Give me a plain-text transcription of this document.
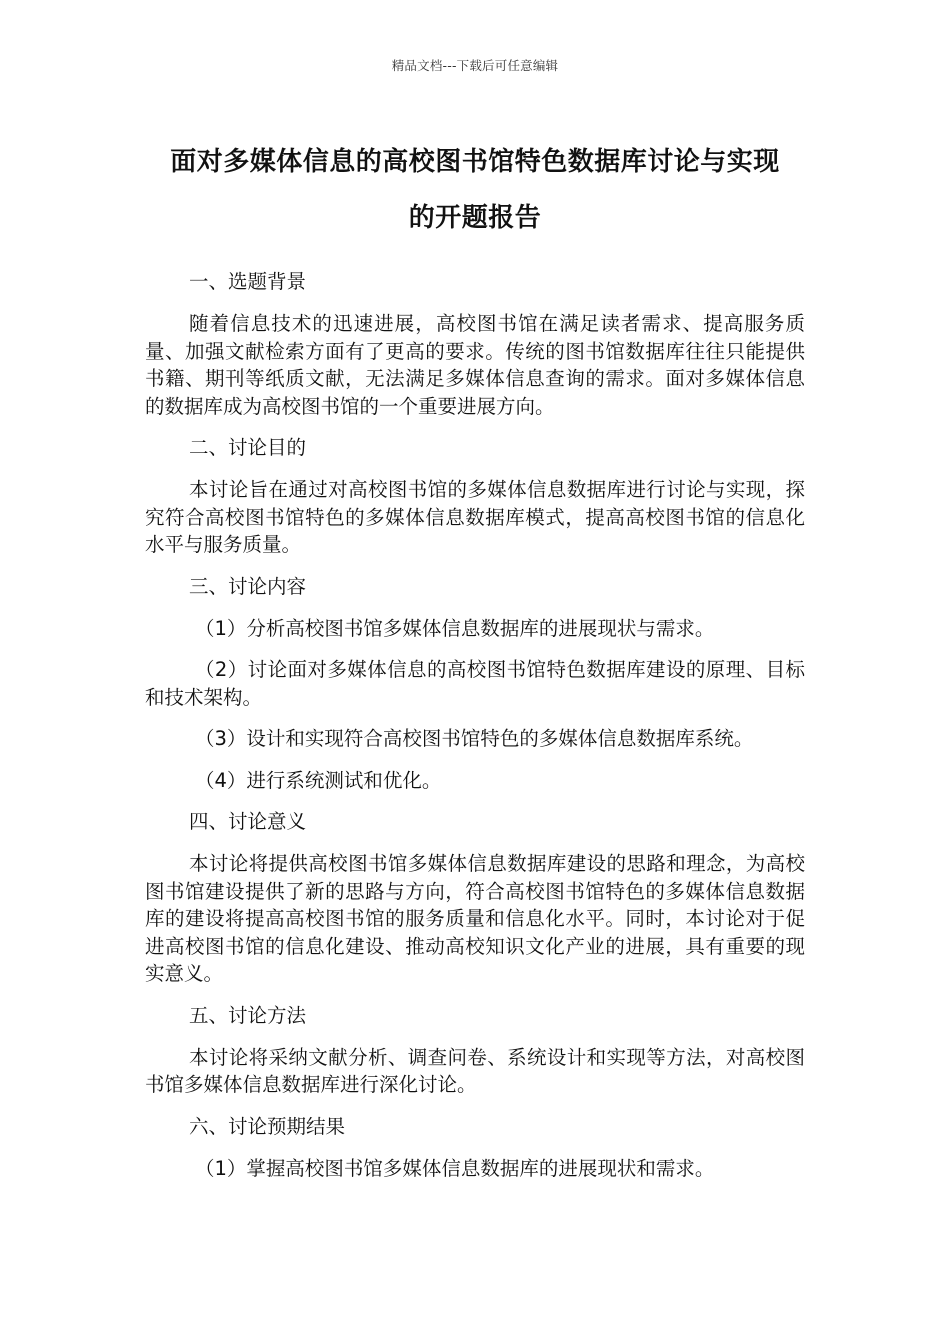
精品文档---下载后可任意编辑
面对多媒体信息的高校图书馆特色数据库讨论与实现
的开题报告

一、选题背景

随着信息技术的迅速进展，高校图书馆在满足读者需求、提高服务质量、加强文献检索方面有了更高的要求。传统的图书馆数据库往往只能提供书籍、期刊等纸质文献，无法满足多媒体信息查询的需求。面对多媒体信息的数据库成为高校图书馆的一个重要进展方向。

二、讨论目的

本讨论旨在通过对高校图书馆的多媒体信息数据库进行讨论与实现，探究符合高校图书馆特色的多媒体信息数据库模式，提高高校图书馆的信息化水平与服务质量。

三、讨论内容

（1）分析高校图书馆多媒体信息数据库的进展现状与需求。

（2）讨论面对多媒体信息的高校图书馆特色数据库建设的原理、目标和技术架构。

（3）设计和实现符合高校图书馆特色的多媒体信息数据库系统。

（4）进行系统测试和优化。

四、讨论意义

本讨论将提供高校图书馆多媒体信息数据库建设的思路和理念，为高校图书馆建设提供了新的思路与方向，符合高校图书馆特色的多媒体信息数据库的建设将提高高校图书馆的服务质量和信息化水平。同时，本讨论对于促进高校图书馆的信息化建设、推动高校知识文化产业的进展，具有重要的现实意义。

五、讨论方法

本讨论将采纳文献分析、调查问卷、系统设计和实现等方法，对高校图书馆多媒体信息数据库进行深化讨论。

六、讨论预期结果

（1）掌握高校图书馆多媒体信息数据库的进展现状和需求。
